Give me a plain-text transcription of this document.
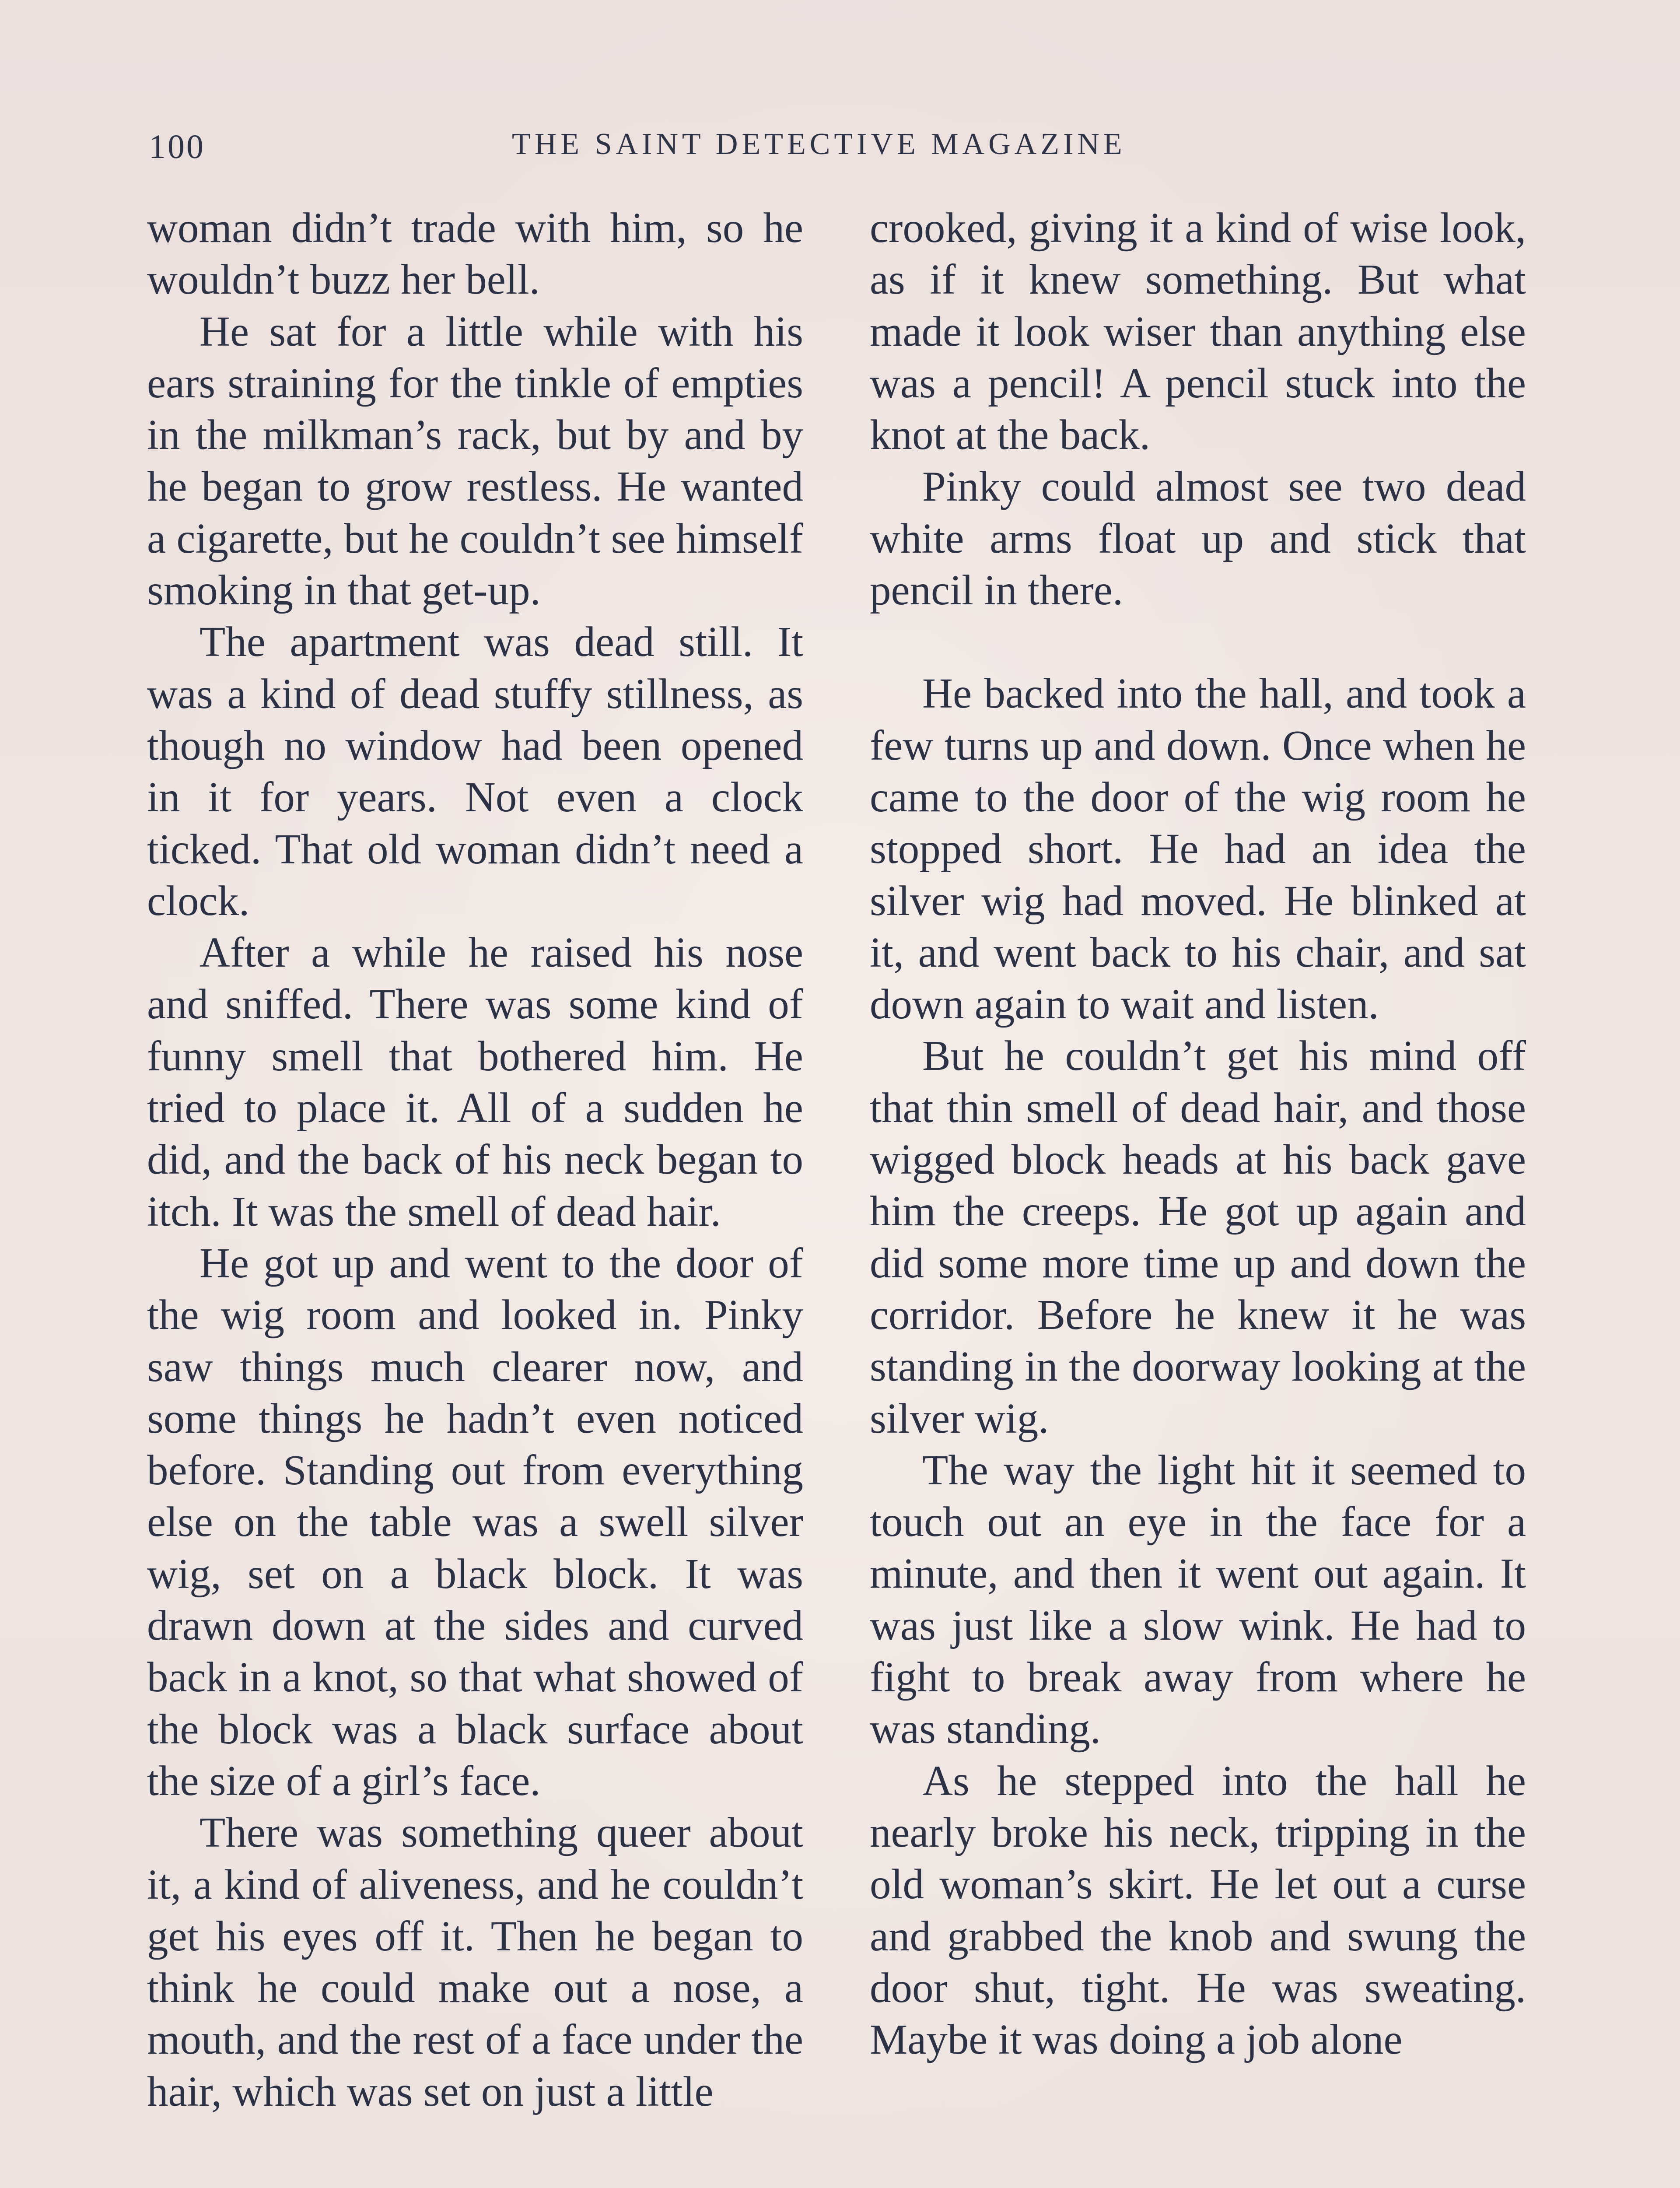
100	THE SAINT DETECTIVE MAGAZINE

woman didn’t trade with him, so he wouldn’t buzz her bell.

He sat for a little while with his ears straining for the tinkle of empties in the milkman’s rack, but by and by he began to grow restless. He wanted a cigarette, but he couldn’t see himself smoking in that get-up.

The apartment was dead still. It was a kind of dead stuffy stillness, as though no window had been opened in it for years. Not even a clock ticked. That old woman didn’t need a clock.

After a while he raised his nose and sniffed. There was some kind of funny smell that bothered him. He tried to place it. All of a sudden he did, and the back of his neck began to itch. It was the smell of dead hair.

He got up and went to the door of the wig room and looked in. Pinky saw things much clearer now, and some things he hadn’t even noticed before. Standing out from everything else on the table was a swell silver wig, set on a black block. It was drawn down at the sides and curved back in a knot, so that what showed of the block was a black surface about the size of a girl’s face.

There was something queer about it, a kind of aliveness, and he couldn’t get his eyes off it. Then he began to think he could make out a nose, a mouth, and the rest of a face under the hair, which was set on just a little

crooked, giving it a kind of wise look, as if it knew something. But what made it look wiser than anything else was a pencil! A pencil stuck into the knot at the back.

Pinky could almost see two dead white arms float up and stick that pencil in there.

He backed into the hall, and took a few turns up and down. Once when he came to the door of the wig room he stopped short. He had an idea the silver wig had moved. He blinked at it, and went back to his chair, and sat down again to wait and listen.

But he couldn’t get his mind off that thin smell of dead hair, and those wigged block heads at his back gave him the creeps. He got up again and did some more time up and down the corridor. Before he knew it he was standing in the doorway looking at the silver wig.

The way the light hit it seemed to touch out an eye in the face for a minute, and then it went out again. It was just like a slow wink. He had to fight to break away from where he was standing.

As he stepped into the hall he nearly broke his neck, tripping in the old woman’s skirt. He let out a curse and grabbed the knob and swung the door shut, tight. He was sweating. Maybe it was doing a job alone
